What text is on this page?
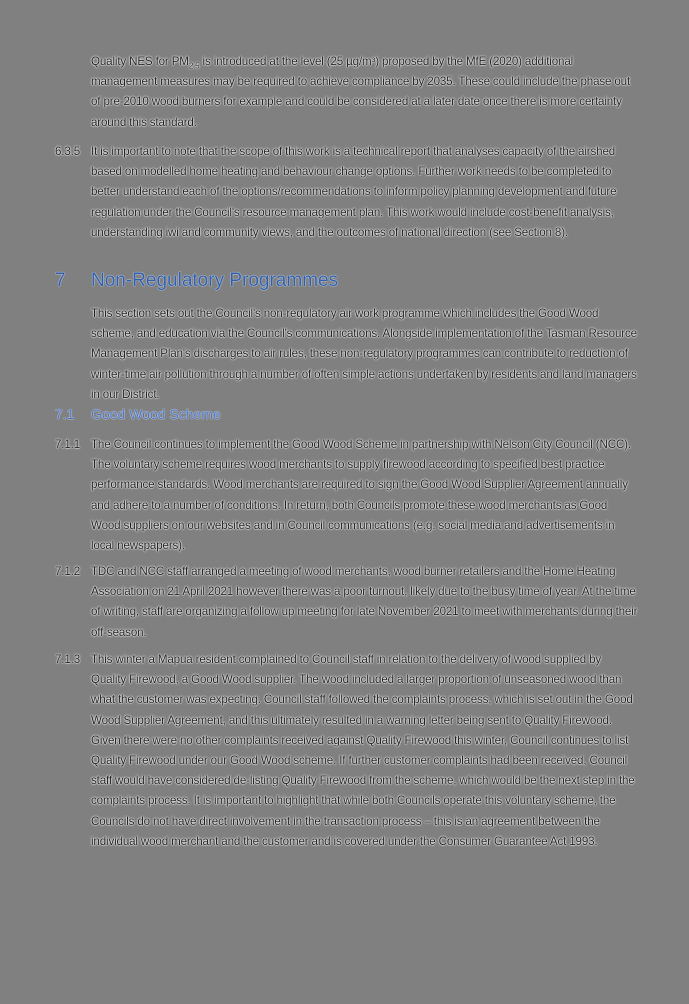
Quality NES for $PM_{2.5}$ is introduced at the level (25 µg/m³) proposed by the MfE (2020) additional management measures may be required to achieve compliance by 2035. These could include the phase out of pre-2010 wood burners for example and could be considered at a later date once there is more certainty around this standard.
6.3.5 It is important to note that the scope of this work is a technical report that analyses capacity of the airshed based on modelled home heating and behaviour change options. Further work needs to be completed to better understand each of the options/recommendations to inform policy planning development and future regulation under the Council's resource management plan. This work would include cost-benefit analysis, understanding iwi and community views, and the outcomes of national direction (see Section 8).
7 Non-Regulatory Programmes
This section sets out the Council's non-regulatory air work programme which includes the Good Wood scheme, and education via the Council's communications. Alongside implementation of the Tasman Resource Management Plan's discharges to air rules, these non-regulatory programmes can contribute to reduction of winter-time air pollution through a number of often simple actions undertaken by residents and land managers in our District.
7.1 Good Wood Scheme
7.1.1 The Council continues to implement the Good Wood Scheme in partnership with Nelson City Council (NCC). The voluntary scheme requires wood merchants to supply firewood according to specified best practice performance standards. Wood merchants are required to sign the Good Wood Supplier Agreement annually and adhere to a number of conditions. In return, both Councils promote these wood merchants as Good Wood suppliers on our websites and in Council communications (e.g. social media and advertisements in local newspapers).
7.1.2 TDC and NCC staff arranged a meeting of wood merchants, wood burner retailers and the Home Heating Association on 21 April 2021 however there was a poor turnout, likely due to the busy time of year. At the time of writing, staff are organizing a follow up meeting for late November 2021 to meet with merchants during their off-season.
7.1.3 This winter a Mapua resident complained to Council staff in relation to the delivery of wood supplied by Quality Firewood, a Good Wood supplier. The wood included a larger proportion of unseasoned wood than what the customer was expecting. Council staff followed the complaints process, which is set out in the Good Wood Supplier Agreement, and this ultimately resulted in a warning letter being sent to Quality Firewood. Given there were no other complaints received against Quality Firewood this winter, Council continues to list Quality Firewood under our Good Wood scheme. If further customer complaints had been received, Council staff would have considered de-listing Quality Firewood from the scheme, which would be the next step in the complaints process. It is important to highlight that while both Councils operate this voluntary scheme, the Councils do not have direct involvement in the transaction process – this is an agreement between the individual wood merchant and the customer and is covered under the Consumer Guarantee Act 1993.
